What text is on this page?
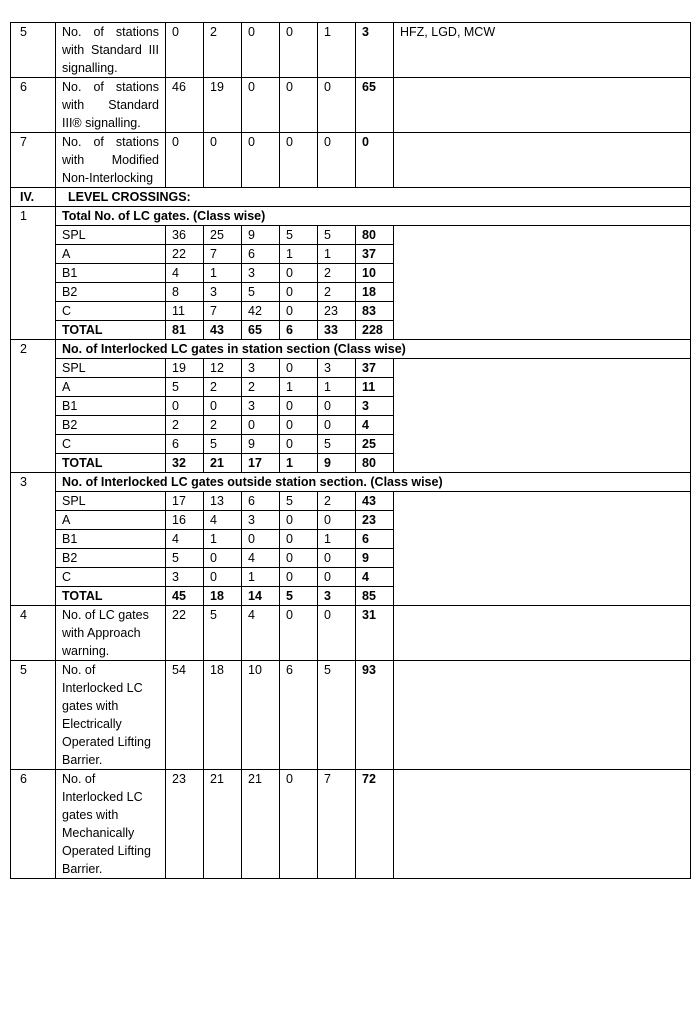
5	No. of stations with Standard III signalling.	0	2	0	0	1	3	HFZ, LGD, MCW
6	No. of stations with Standard III® signalling.	46	19	0	0	0	65	
7	No. of stations with Modified Non-Interlocking	0	0	0	0	0	0	
IV.	LEVEL CROSSINGS:							
1	Total No. of LC gates. (Class wise)							
	SPL	36	25	9	5	5	80	
	A	22	7	6	1	1	37	
	B1	4	1	3	0	2	10	
	B2	8	3	5	0	2	18	
	C	11	7	42	0	23	83	
	TOTAL	81	43	65	6	33	228	
2	No. of Interlocked LC gates in station section (Class wise)							
	SPL	19	12	3	0	3	37	
	A	5	2	2	1	1	11	
	B1	0	0	3	0	0	3	
	B2	2	2	0	0	0	4	
	C	6	5	9	0	5	25	
	TOTAL	32	21	17	1	9	80	
3	No. of Interlocked LC gates outside station section. (Class wise)							
	SPL	17	13	6	5	2	43	
	A	16	4	3	0	0	23	
	B1	4	1	0	0	1	6	
	B2	5	0	4	0	0	9	
	C	3	0	1	0	0	4	
	TOTAL	45	18	14	5	3	85	
4	No. of LC gates with Approach warning.	22	5	4	0	0	31	
5	No. of Interlocked LC gates with Electrically Operated Lifting Barrier.	54	18	10	6	5	93	
6	No. of Interlocked LC gates with Mechanically Operated Lifting Barrier.	23	21	21	0	7	72	
